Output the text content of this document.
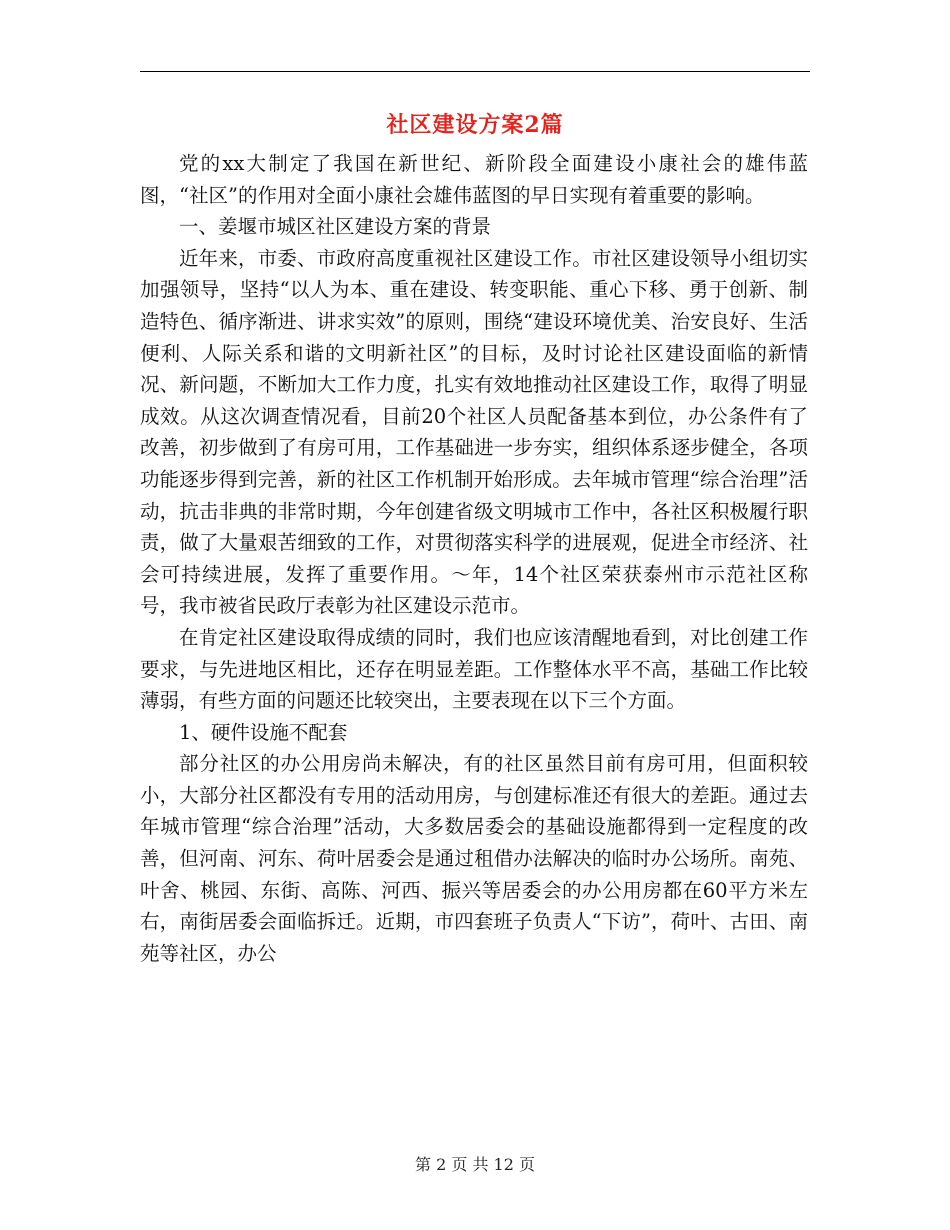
社区建设方案2篇

党的xx大制定了我国在新世纪、新阶段全面建设小康社会的雄伟蓝图，“社区”的作用对全面小康社会雄伟蓝图的早日实现有着重要的影响。

一、姜堰市城区社区建设方案的背景

近年来，市委、市政府高度重视社区建设工作。市社区建设领导小组切实加强领导，坚持“以人为本、重在建设、转变职能、重心下移、勇于创新、制造特色、循序渐进、讲求实效”的原则，围绕“建设环境优美、治安良好、生活便利、人际关系和谐的文明新社区”的目标，及时讨论社区建设面临的新情况、新问题，不断加大工作力度，扎实有效地推动社区建设工作，取得了明显成效。从这次调查情况看，目前20个社区人员配备基本到位，办公条件有了改善，初步做到了有房可用，工作基础进一步夯实，组织体系逐步健全，各项功能逐步得到完善，新的社区工作机制开始形成。去年城市管理“综合治理”活动，抗击非典的非常时期，今年创建省级文明城市工作中，各社区积极履行职责，做了大量艰苦细致的工作，对贯彻落实科学的进展观，促进全市经济、社会可持续进展，发挥了重要作用。～年，14个社区荣获泰州市示范社区称号，我市被省民政厅表彰为社区建设示范市。

在肯定社区建设取得成绩的同时，我们也应该清醒地看到，对比创建工作要求，与先进地区相比，还存在明显差距。工作整体水平不高，基础工作比较薄弱，有些方面的问题还比较突出，主要表现在以下三个方面。

1、硬件设施不配套

部分社区的办公用房尚未解决，有的社区虽然目前有房可用，但面积较小，大部分社区都没有专用的活动用房，与创建标准还有很大的差距。通过去年城市管理“综合治理”活动，大多数居委会的基础设施都得到一定程度的改善，但河南、河东、荷叶居委会是通过租借办法解决的临时办公场所。南苑、叶舍、桃园、东街、高陈、河西、振兴等居委会的办公用房都在60平方米左右，南街居委会面临拆迁。近期，市四套班子负责人“下访”，荷叶、古田、南苑等社区，办公

第 2 页 共 12 页
